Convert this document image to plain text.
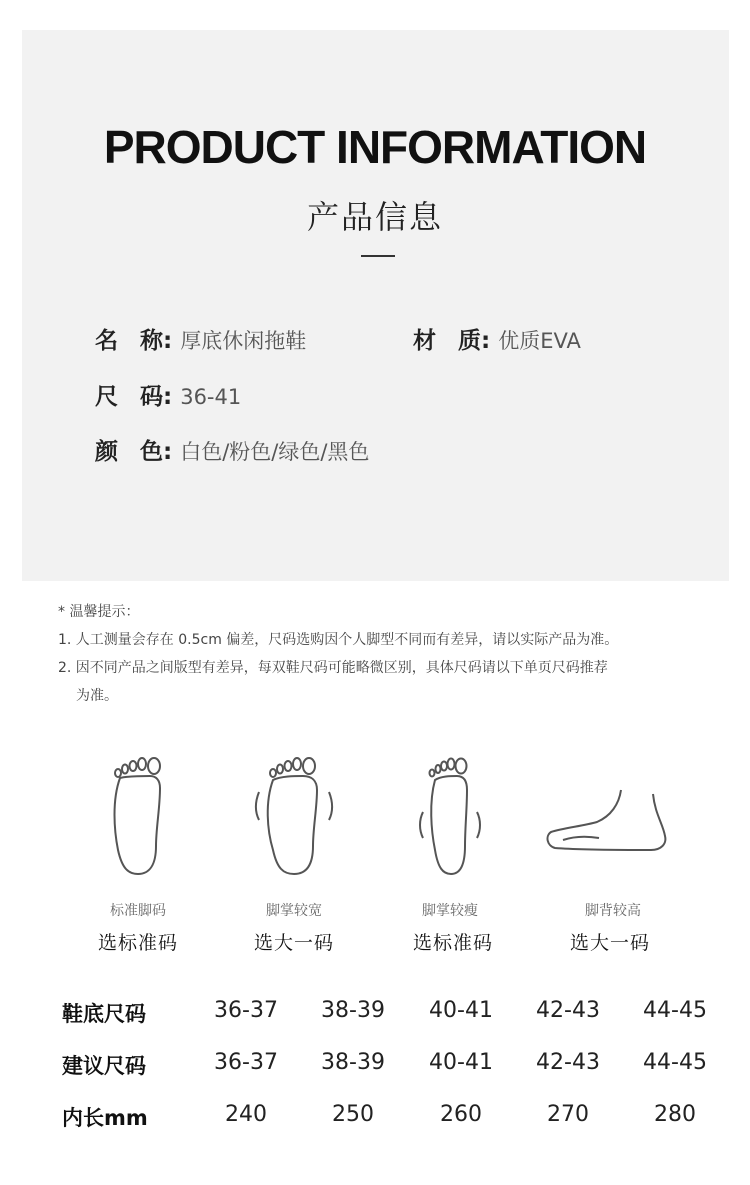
PRODUCT INFORMATION
产品信息
名 称: 厚底休闲拖鞋	材 质: 优质EVA
尺 码: 36-41
颜 色: 白色/粉色/绿色/黑色
* 温馨提示：
1. 人工测量会存在 0.5cm 偏差，尺码选购因个人脚型不同而有差异，请以实际产品为准。
2. 因不同产品之间版型有差异，每双鞋尺码可能略微区别，具体尺码请以下单页尺码推荐
为准。
标准脚码	脚掌较宽	脚掌较瘦	脚背较高
选标准码	选大一码	选标准码	选大一码
鞋底尺码	36-37	38-39	40-41	42-43	44-45
建议尺码	36-37	38-39	40-41	42-43	44-45
内长mm	240	250	260	270	280
